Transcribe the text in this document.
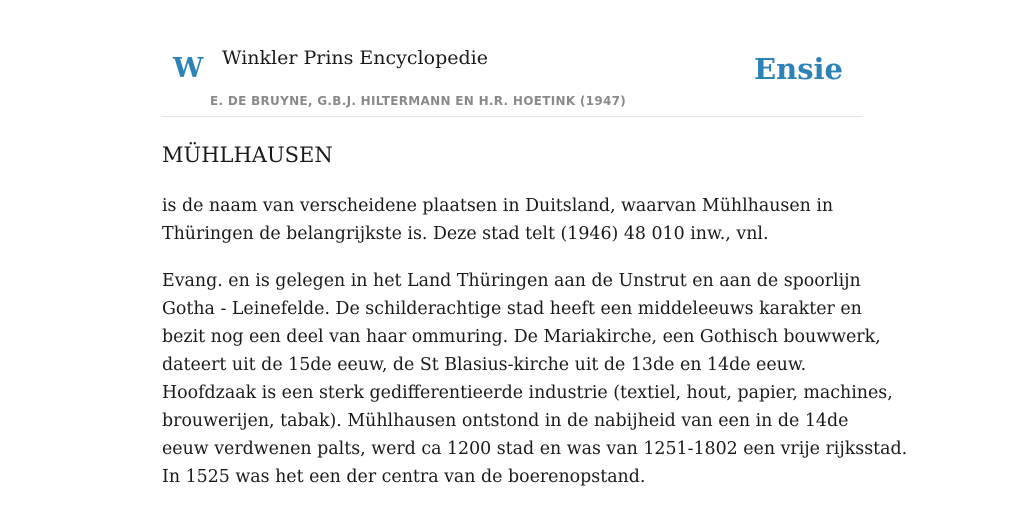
W Winkler Prins Encyclopedie	Ensie
E. DE BRUYNE, G.B.J. HILTERMANN EN H.R. HOETINK (1947)
MÜHLHAUSEN

is de naam van verscheidene plaatsen in Duitsland, waarvan Mühlhausen in
Thüringen de belangrijkste is. Deze stad telt (1946) 48 010 inw., vnl.

Evang. en is gelegen in het Land Thüringen aan de Unstrut en aan de spoorlijn
Gotha - Leinefelde. De schilderachtige stad heeft een middeleeuws karakter en
bezit nog een deel van haar ommuring. De Mariakirche, een Gothisch bouwwerk,
dateert uit de 15de eeuw, de St Blasius-kirche uit de 13de en 14de eeuw.
Hoofdzaak is een sterk gedifferentieerde industrie (textiel, hout, papier, machines,
brouwerijen, tabak). Mühlhausen ontstond in de nabijheid van een in de 14de
eeuw verdwenen palts, werd ca 1200 stad en was van 1251-1802 een vrije rijksstad.
In 1525 was het een der centra van de boerenopstand.
